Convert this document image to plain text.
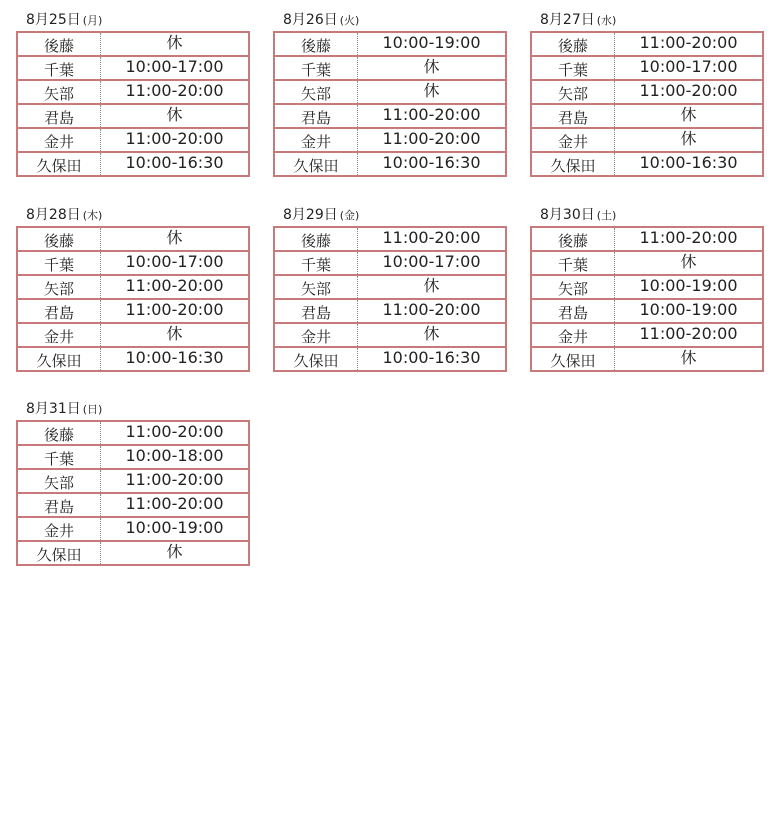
8月25日 (月)
後藤	休
千葉	10:00-17:00
矢部	11:00-20:00
君島	休
金井	11:00-20:00
久保田	10:00-16:30
8月26日 (火)
後藤	10:00-19:00
千葉	休
矢部	休
君島	11:00-20:00
金井	11:00-20:00
久保田	10:00-16:30
8月27日 (水)
後藤	11:00-20:00
千葉	10:00-17:00
矢部	11:00-20:00
君島	休
金井	休
久保田	10:00-16:30
8月28日 (木)
後藤	休
千葉	10:00-17:00
矢部	11:00-20:00
君島	11:00-20:00
金井	休
久保田	10:00-16:30
8月29日 (金)
後藤	11:00-20:00
千葉	10:00-17:00
矢部	休
君島	11:00-20:00
金井	休
久保田	10:00-16:30
8月30日 (土)
後藤	11:00-20:00
千葉	休
矢部	10:00-19:00
君島	10:00-19:00
金井	11:00-20:00
久保田	休
8月31日 (日)
後藤	11:00-20:00
千葉	10:00-18:00
矢部	11:00-20:00
君島	11:00-20:00
金井	10:00-19:00
久保田	休
